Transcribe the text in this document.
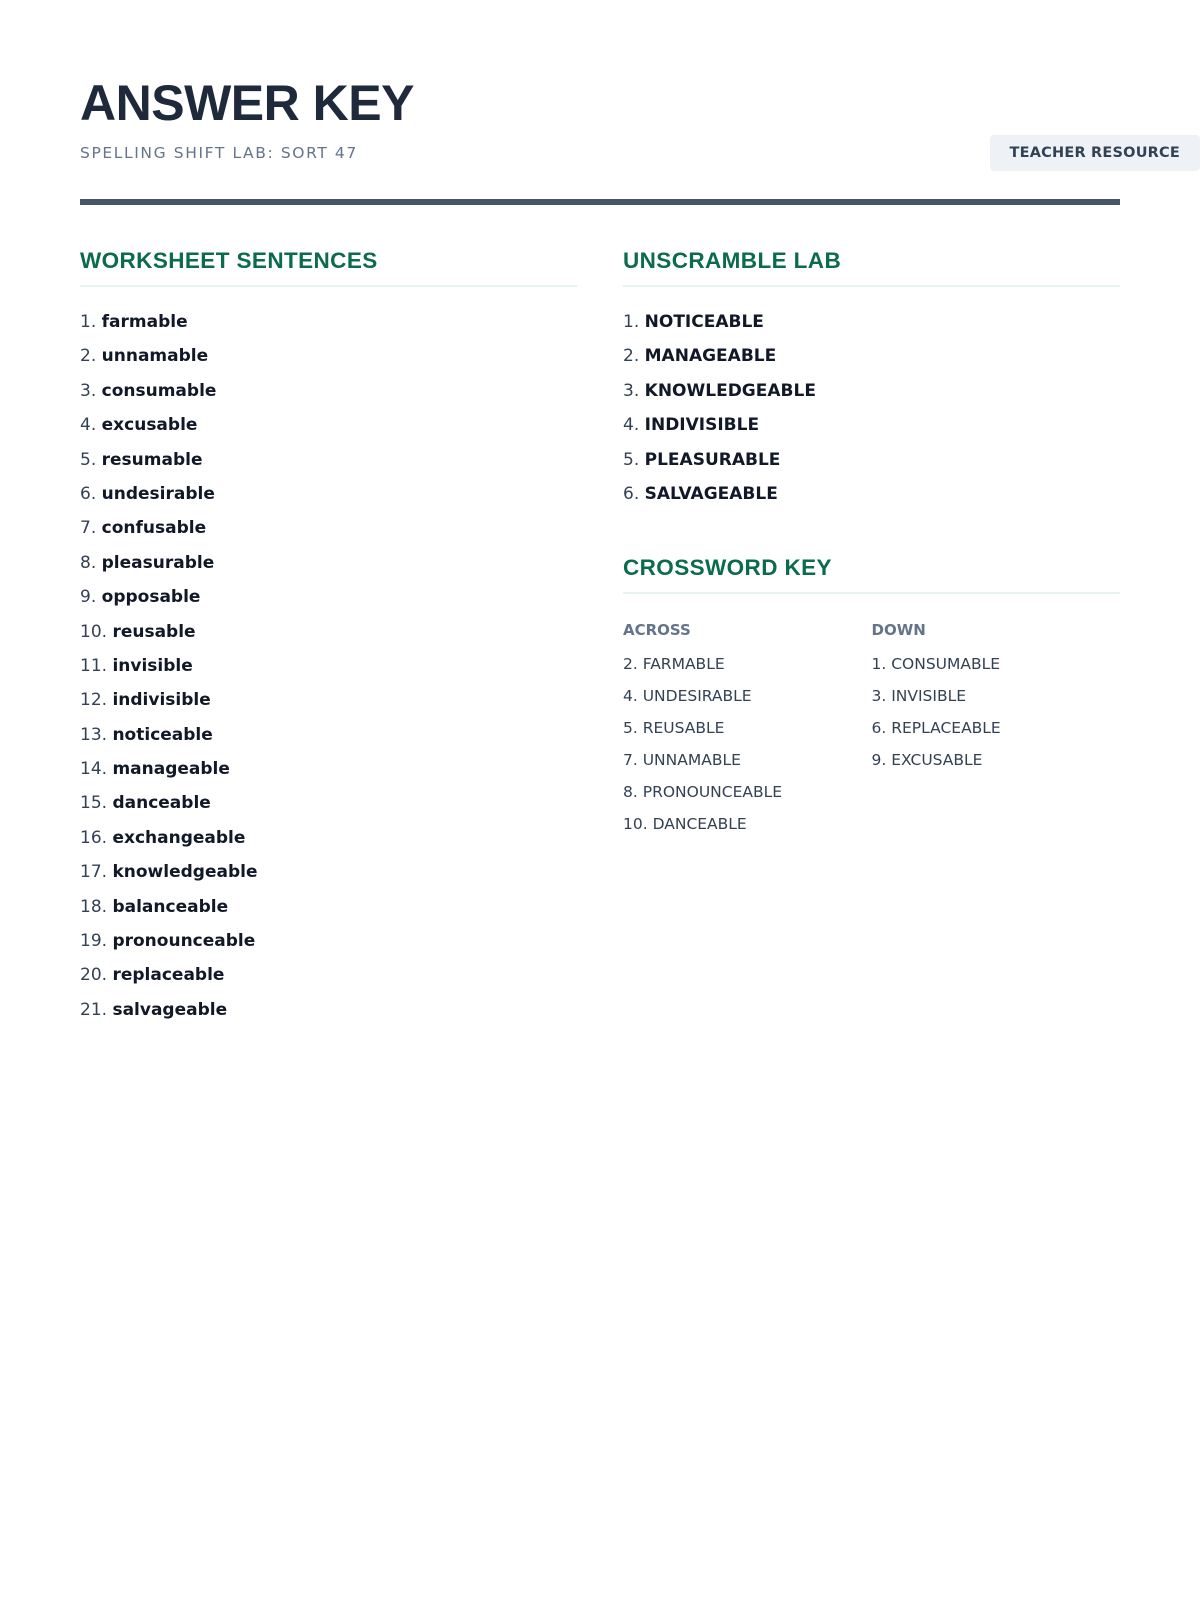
ANSWER KEY
SPELLING SHIFT LAB: SORT 47	TEACHER RESOURCE
WORKSHEET SENTENCES
1. farmable
2. unnamable
3. consumable
4. excusable
5. resumable
6. undesirable
7. confusable
8. pleasurable
9. opposable
10. reusable
11. invisible
12. indivisible
13. noticeable
14. manageable
15. danceable
16. exchangeable
17. knowledgeable
18. balanceable
19. pronounceable
20. replaceable
21. salvageable
UNSCRAMBLE LAB
1. NOTICEABLE
2. MANAGEABLE
3. KNOWLEDGEABLE
4. INDIVISIBLE
5. PLEASURABLE
6. SALVAGEABLE
CROSSWORD KEY
ACROSS
2. FARMABLE
4. UNDESIRABLE
5. REUSABLE
7. UNNAMABLE
8. PRONOUNCEABLE
10. DANCEABLE
DOWN
1. CONSUMABLE
3. INVISIBLE
6. REPLACEABLE
9. EXCUSABLE
